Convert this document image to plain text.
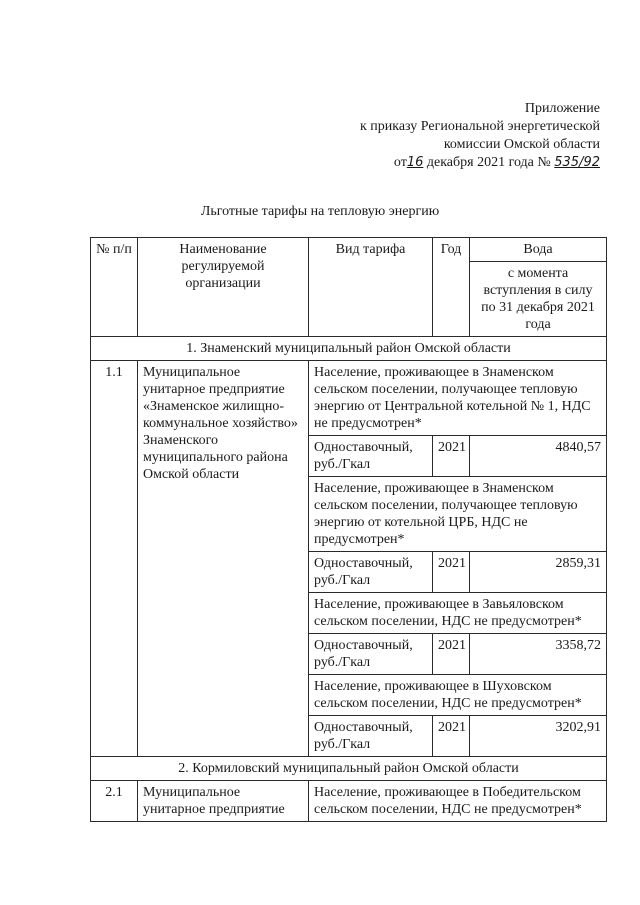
Приложение
к приказу Региональной энергетической
комиссии Омской области
от16 декабря 2021 года № 535/92
Льготные тарифы на тепловую энергию
№ п/п	Наименование регулируемой организации	Вид тарифа	Год	Вода
				с момента вступления в силу по 31 декабря 2021 года
1. Знаменский муниципальный район Омской области				
1.1	Муниципальное унитарное предприятие «Знаменское жилищно-коммунальное хозяйство» Знаменского муниципального района Омской области	Население, проживающее в Знаменском сельском поселении, получающее тепловую энергию от Центральной котельной № 1, НДС не предусмотрен*		
		Одноставочный, руб./Гкал	2021	4840,57
		Население, проживающее в Знаменском сельском поселении, получающее тепловую энергию от котельной ЦРБ, НДС не предусмотрен*		
		Одноставочный, руб./Гкал	2021	2859,31
		Население, проживающее в Завьяловском сельском поселении, НДС не предусмотрен*		
		Одноставочный, руб./Гкал	2021	3358,72
		Население, проживающее в Шуховском сельском поселении, НДС не предусмотрен*		
		Одноставочный, руб./Гкал	2021	3202,91
2. Кормиловский муниципальный район Омской области				
2.1	Муниципальное унитарное предприятие	Население, проживающее в Победительском сельском поселении, НДС не предусмотрен*		
